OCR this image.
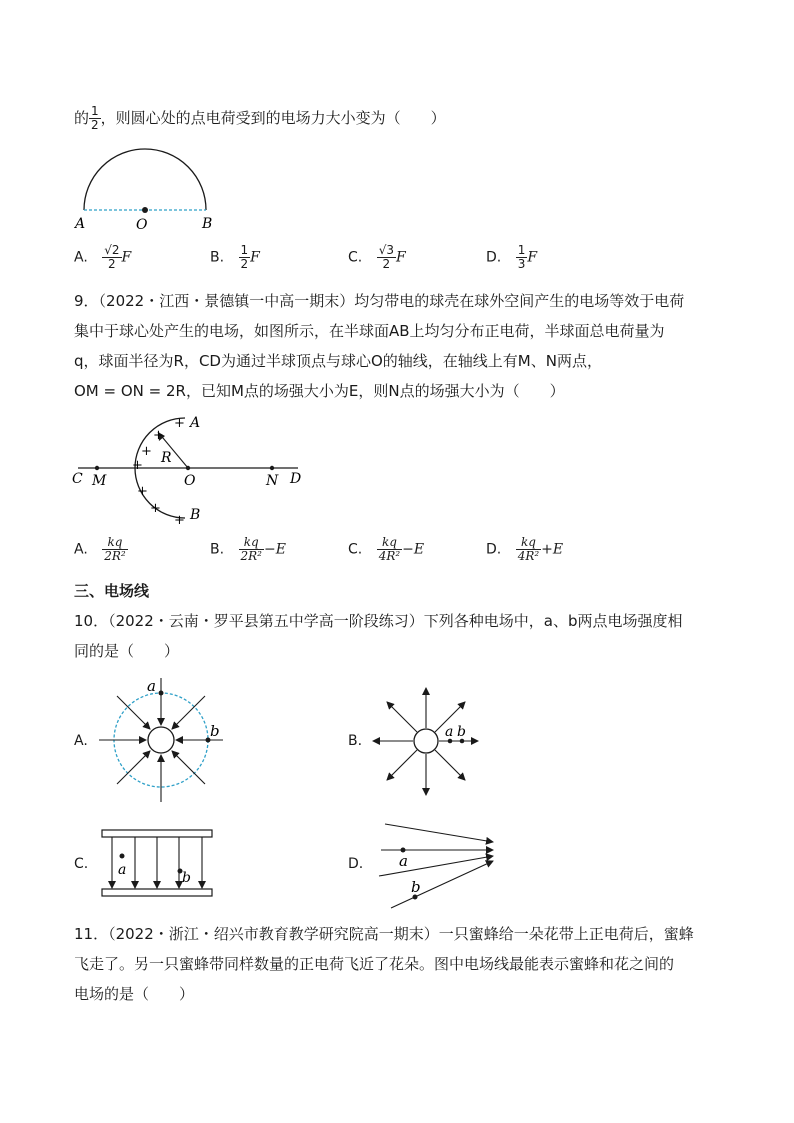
的 $\frac{1}{2}$ ，则圆心处的点电荷受到的电场力大小变为（　　）
A	O	B
A. $\frac{√2}{2}$ F	B. $\frac{1}{2}$ F	C. $\frac{√3}{2}$ F	D. $\frac{1}{3}$ F
9．（2022・江西・景德镇一中高一期末）均匀带电的球壳在球外空间产生的电场等效于电荷
集中于球心处产生的电场，如图所示，在半球面AB上均匀分布正电荷，半球面总电荷量为
q，球面半径为R，CD为通过半球顶点与球心O的轴线，在轴线上有M、N两点，
OM = ON = 2R，已知M点的场强大小为E，则N点的场强大小为（　　）
+
+
+
+
+
+
+
A
B
C	D
M	O	N
R
A. $\frac{kq}{\text{2R²}}$	B. $\frac{kq}{\text{2R²}} -E$	C. $\frac{kq}{\text{4R²}} -E$	D. $\frac{kq}{\text{4R²}} +E$
三、电场线
10．（2022・云南・罗平县第五中学高一阶段练习）下列各种电场中，a、b两点电场强度相
同的是（　　）
A.
a
b
B.
a b
C. a	b
D. a
b
11．（2022・浙江・绍兴市教育教学研究院高一期末）一只蜜蜂给一朵花带上正电荷后，蜜蜂
飞走了。另一只蜜蜂带同样数量的正电荷飞近了花朵。图中电场线最能表示蜜蜂和花之间的
电场的是（　　）
